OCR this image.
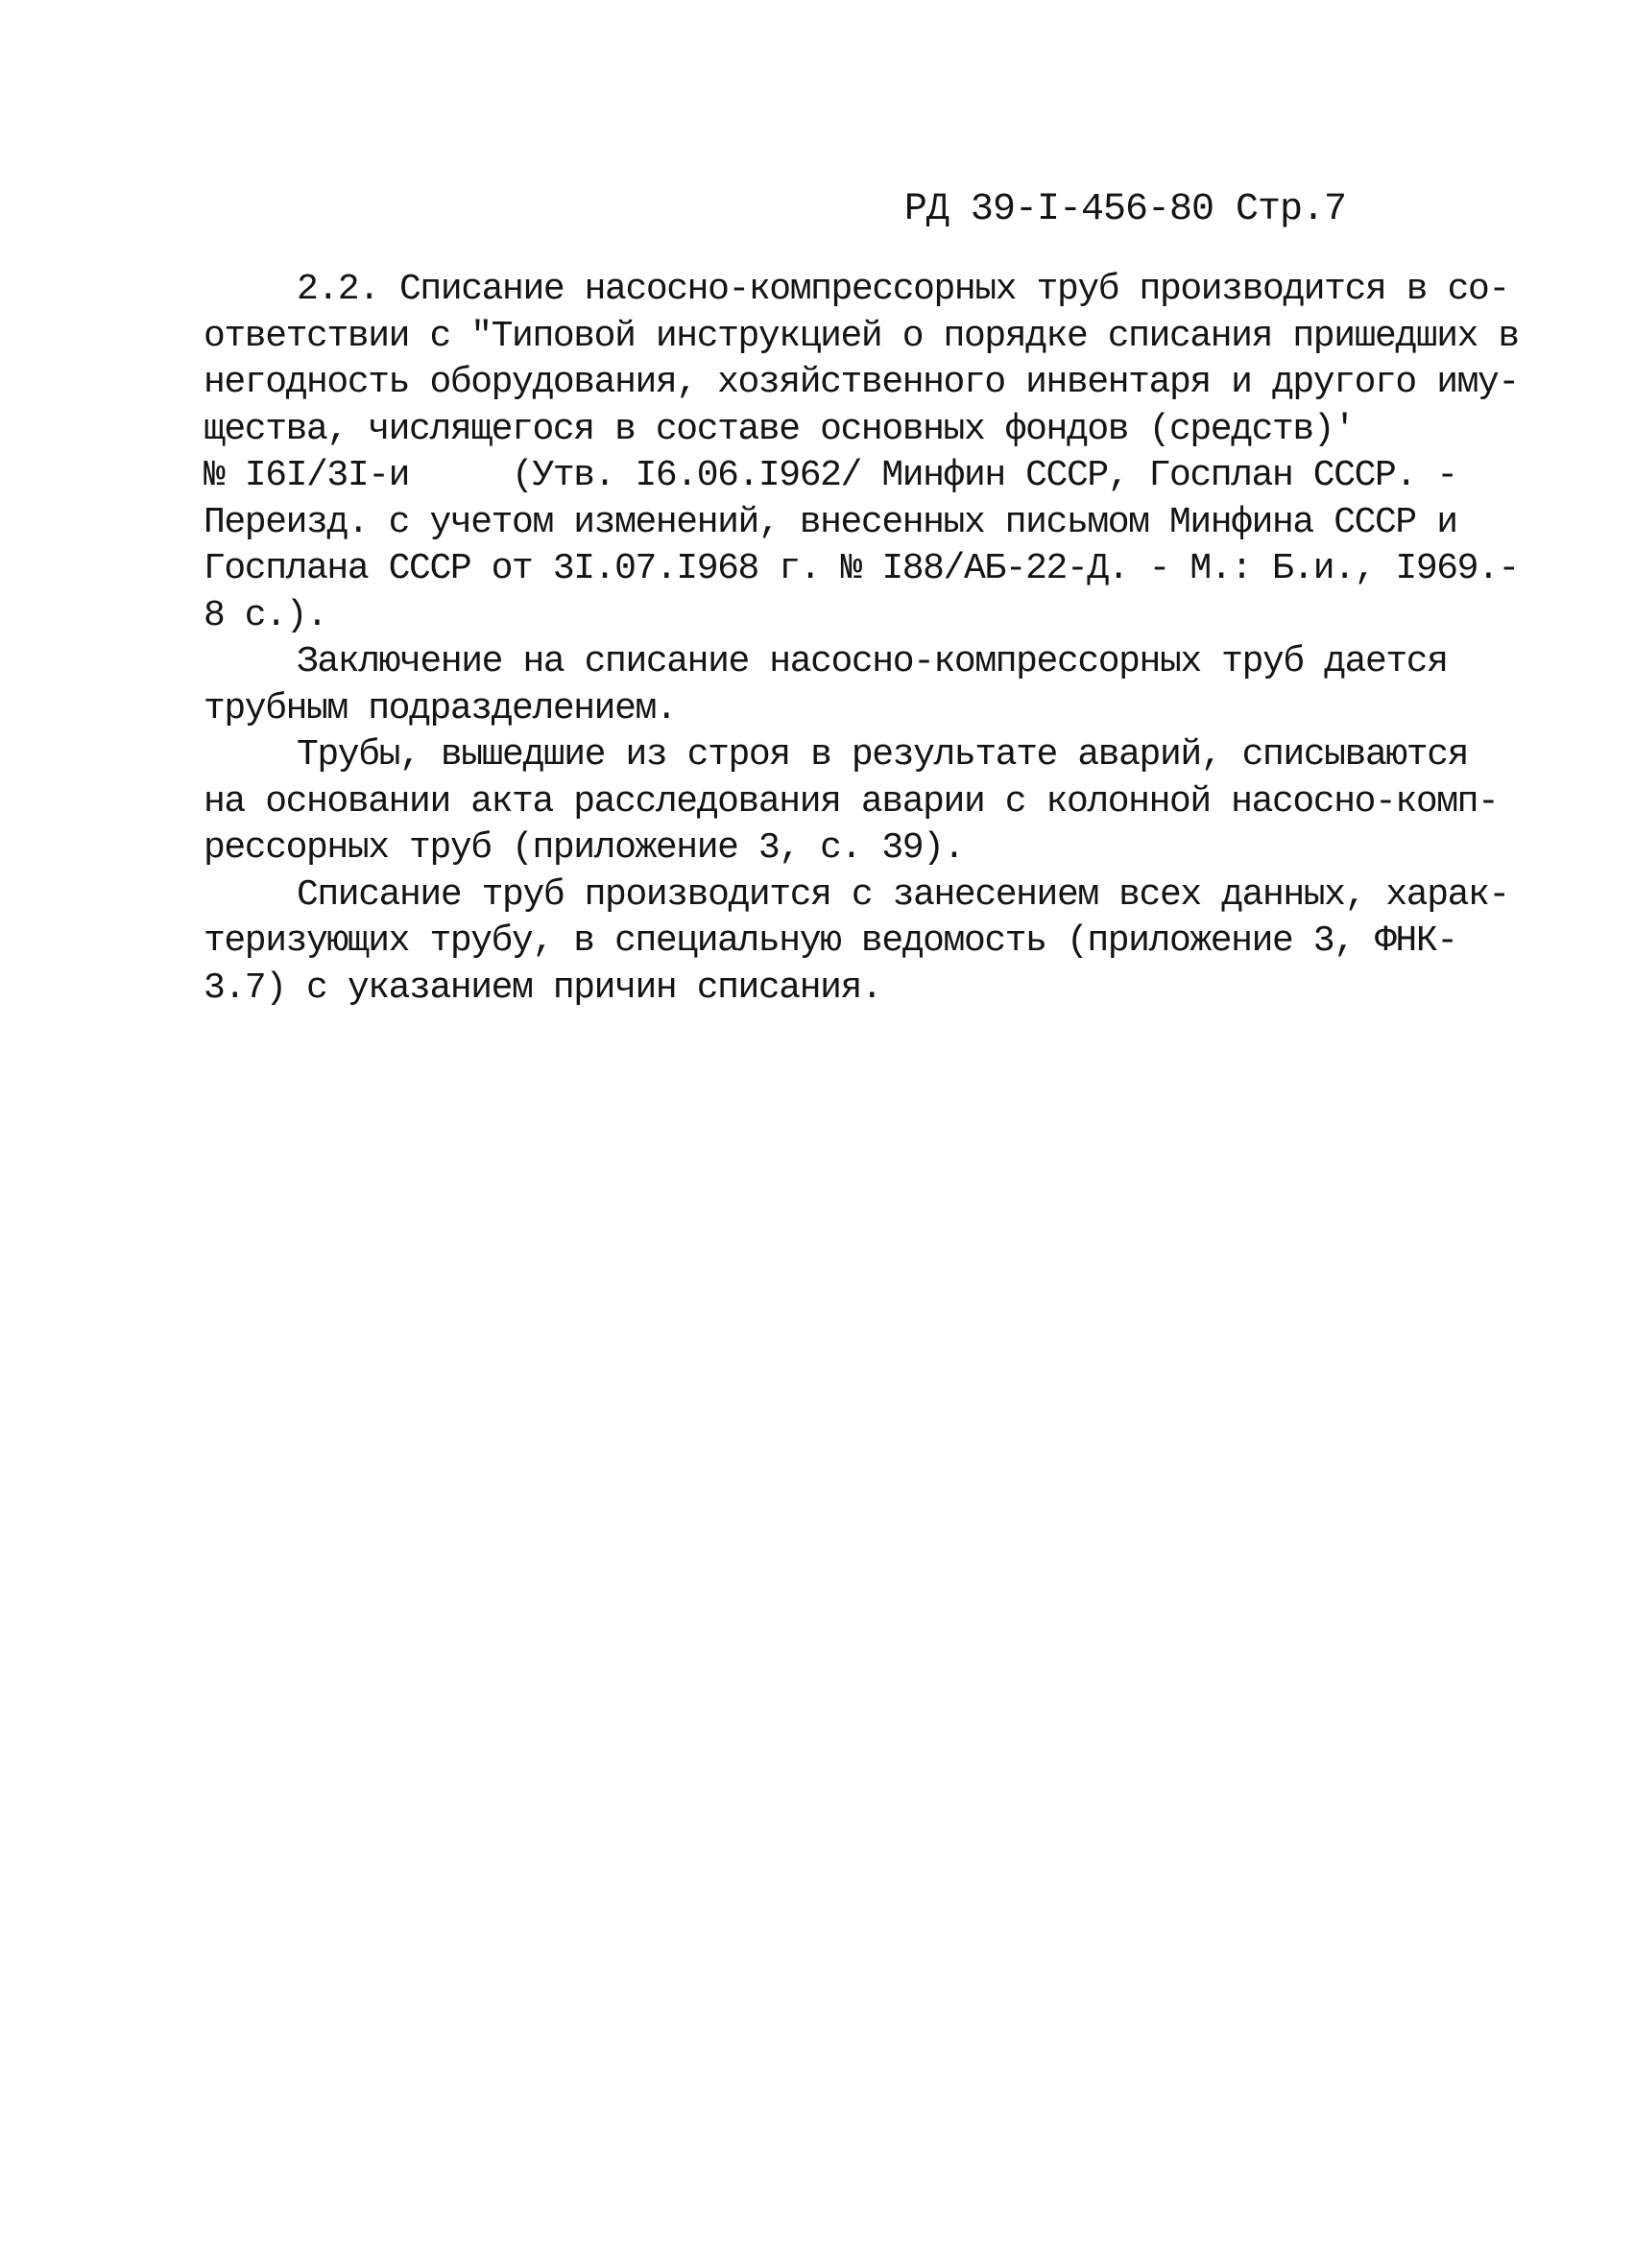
РД 39-I-456-80 Стр.7
2.2. Списание насосно-компрессорных труб производится в со-
ответствии с "Типовой инструкцией о порядке списания пришедших в
негодность оборудования, хозяйственного инвентаря и другого иму-
щества, числящегося в составе основных фондов (средств)'
№ I6I/3I-и     (Утв. I6.06.I962/ Минфин СССР, Госплан СССР. -
Переизд. с учетом изменений, внесенных письмом Минфина СССР и
Госплана СССР от 3I.07.I968 г. № I88/АБ-22-Д. - М.: Б.и., I969.-
8 с.).
Заключение на списание насосно-компрессорных труб дается
трубным подразделением.
Трубы, вышедшие из строя в результате аварий, списываются
на основании акта расследования аварии с колонной насосно-комп-
рессорных труб (приложение 3, с. 39).
Списание труб производится с занесением всех данных, харак-
теризующих трубу, в специальную ведомость (приложение 3, ФНК-
3.7) с указанием причин списания.
